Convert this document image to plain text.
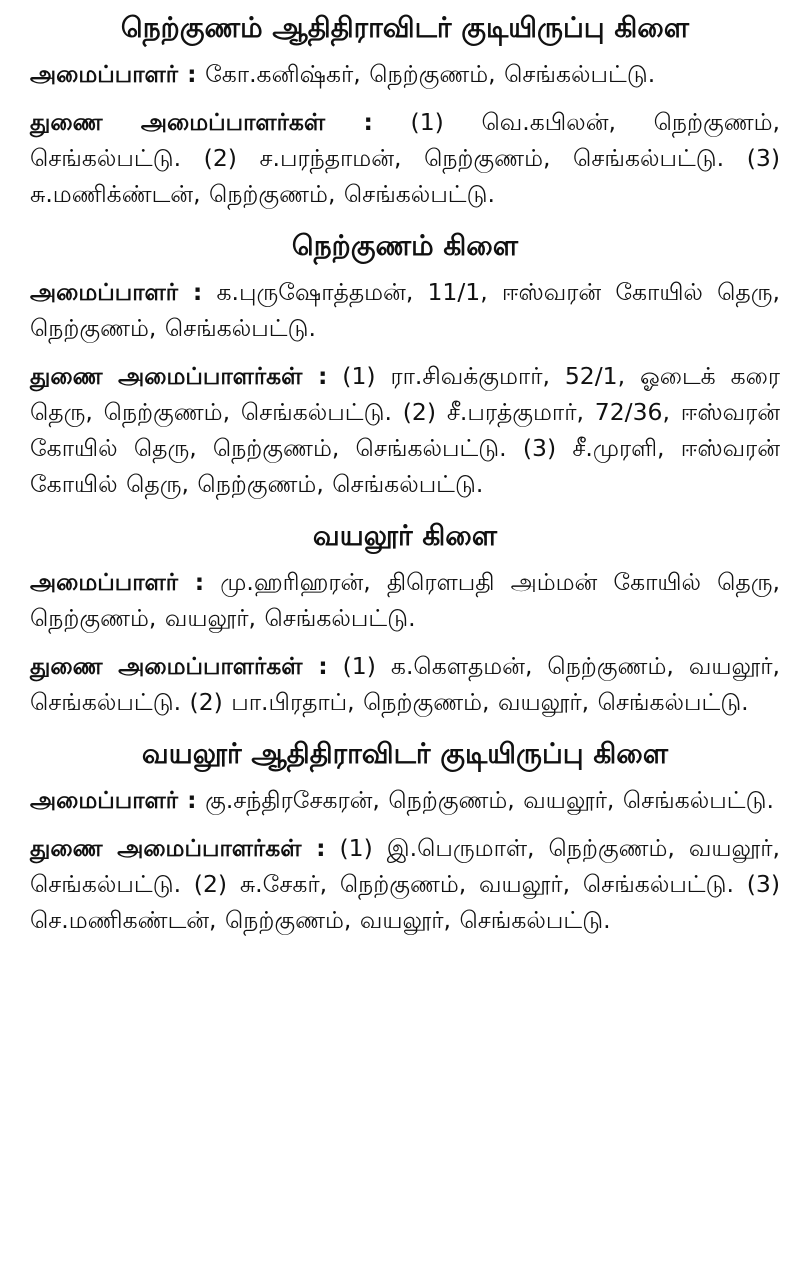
நெற்குணம் ஆதிதிராவிடர் குடியிருப்பு கிளை

அமைப்பாளர் : கோ.கனிஷ்கர், நெற்குணம், செங்கல்பட்டு.

துணை அமைப்பாளர்கள் : (1) வெ.கபிலன், நெற்குணம், செங்கல்பட்டு. (2) ச.பரந்தாமன், நெற்குணம், செங்கல்பட்டு. (3) சு.மணிக்ண்டன், நெற்குணம், செங்கல்பட்டு.

நெற்குணம் கிளை

அமைப்பாளர் : க.புருஷோத்தமன், 11/1, ஈஸ்வரன் கோயில் தெரு, நெற்குணம், செங்கல்பட்டு.

துணை அமைப்பாளர்கள் : (1) ரா.சிவக்குமார், 52/1, ஓடைக் கரை தெரு, நெற்குணம், செங்கல்பட்டு. (2) சீ.பரத்குமார், 72/36, ஈஸ்வரன் கோயில் தெரு, நெற்குணம், செங்கல்பட்டு. (3) சீ.முரளி, ஈஸ்வரன் கோயில் தெரு, நெற்குணம், செங்கல்பட்டு.

வயலூர் கிளை

அமைப்பாளர் : மு.ஹரிஹரன், திரௌபதி அம்மன் கோயில் தெரு, நெற்குணம், வயலூர், செங்கல்பட்டு.

துணை அமைப்பாளர்கள் : (1) க.கௌதமன், நெற்குணம், வயலூர், செங்கல்பட்டு. (2) பா.பிரதாப், நெற்குணம், வயலூர், செங்கல்பட்டு.

வயலூர் ஆதிதிராவிடர் குடியிருப்பு கிளை

அமைப்பாளர் : கு.சந்திரசேகரன், நெற்குணம், வயலூர், செங்கல்பட்டு.

துணை அமைப்பாளர்கள் : (1) இ.பெருமாள், நெற்குணம், வயலூர், செங்கல்பட்டு. (2) சு.சேகர், நெற்குணம், வயலூர், செங்கல்பட்டு. (3) செ.மணிகண்டன், நெற்குணம், வயலூர், செங்கல்பட்டு.
